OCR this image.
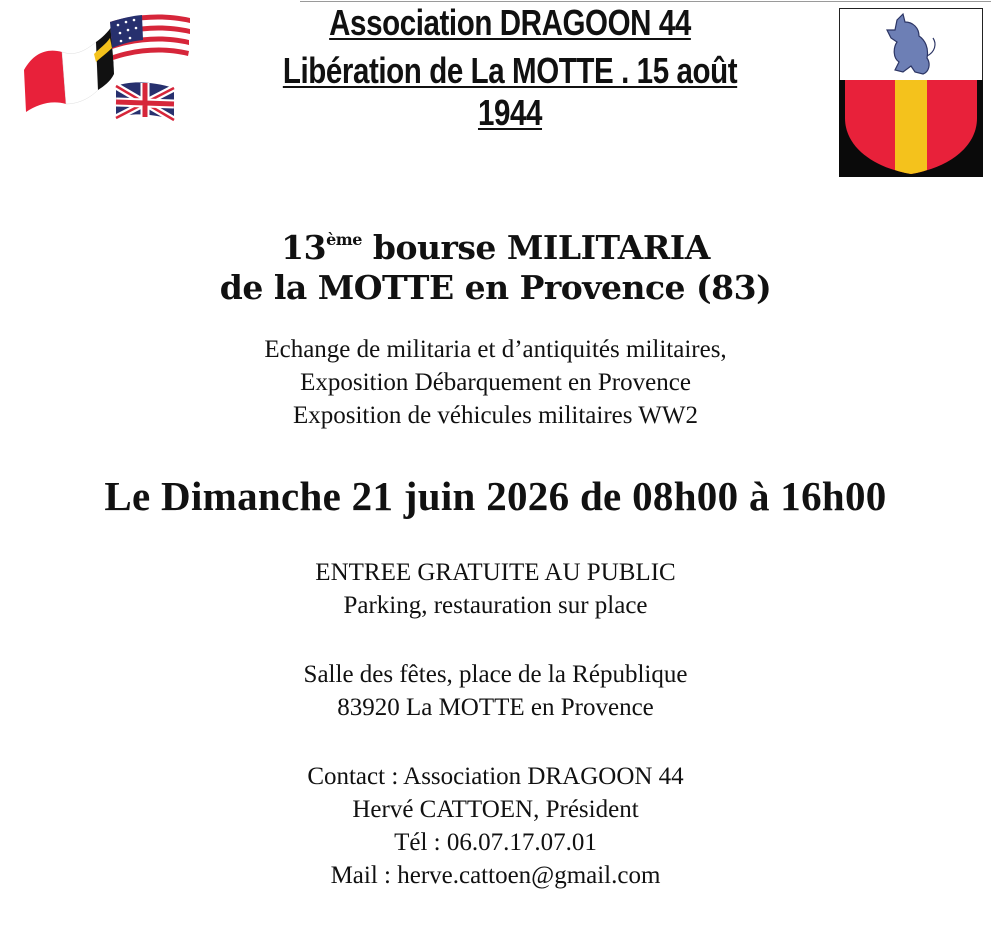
Association DRAGOON 44
Libération de La MOTTE . 15 août 1944
13ème bourse MILITARIA
de la MOTTE en Provence (83)
Echange de militaria et d’antiquités militaires,
Exposition Débarquement en Provence
Exposition de véhicules militaires WW2
Le Dimanche 21 juin 2026 de 08h00 à 16h00
ENTREE GRATUITE AU PUBLIC
Parking, restauration sur place
Salle des fêtes, place de la République
83920 La MOTTE en Provence
Contact : Association DRAGOON 44
Hervé CATTOEN, Président
Tél : 06.07.17.07.01
Mail : herve.cattoen@gmail.com
